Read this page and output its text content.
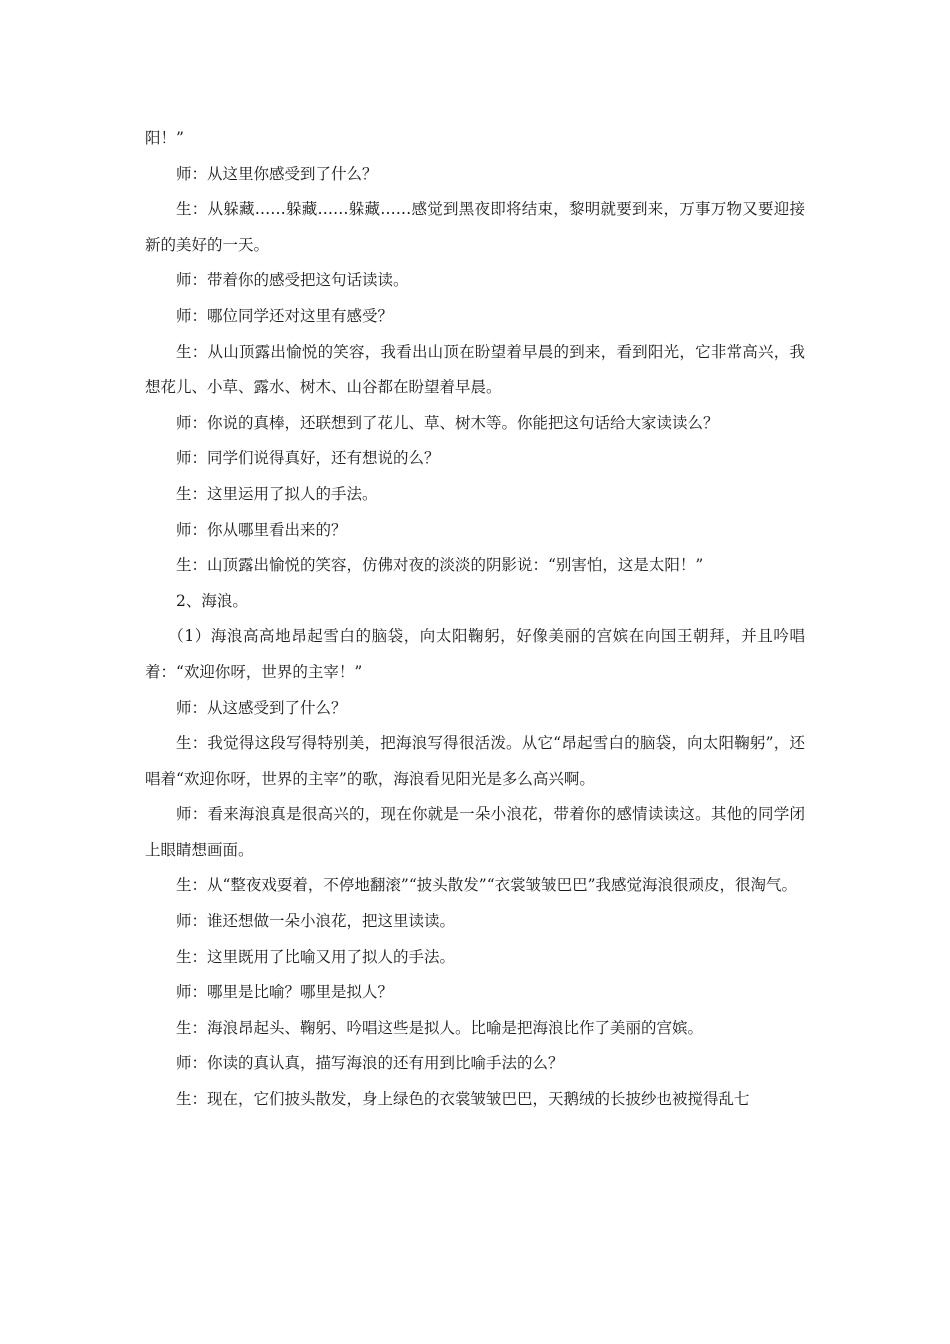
阳！”

师：从这里你感受到了什么？

生：从躲藏……躲藏……躲藏……感觉到黑夜即将结束，黎明就要到来，万事万物又要迎接新的美好的一天。

师：带着你的感受把这句话读读。

师：哪位同学还对这里有感受？

生：从山顶露出愉悦的笑容，我看出山顶在盼望着早晨的到来，看到阳光，它非常高兴，我想花儿、小草、露水、树木、山谷都在盼望着早晨。

师：你说的真棒，还联想到了花儿、草、树木等。你能把这句话给大家读读么？

师：同学们说得真好，还有想说的么？

生：这里运用了拟人的手法。

师：你从哪里看出来的？

生：山顶露出愉悦的笑容，仿佛对夜的淡淡的阴影说：“别害怕，这是太阳！”

2、海浪。

（1）海浪高高地昂起雪白的脑袋，向太阳鞠躬，好像美丽的宫嫔在向国王朝拜，并且吟唱着：“欢迎你呀，世界的主宰！”

师：从这感受到了什么？

生：我觉得这段写得特别美，把海浪写得很活泼。从它“昂起雪白的脑袋，向太阳鞠躬”，还唱着“欢迎你呀，世界的主宰”的歌，海浪看见阳光是多么高兴啊。

师：看来海浪真是很高兴的，现在你就是一朵小浪花，带着你的感情读读这。其他的同学闭上眼睛想画面。

生：从“整夜戏耍着，不停地翻滚”“披头散发”“衣裳皱皱巴巴”我感觉海浪很顽皮，很淘气。

师：谁还想做一朵小浪花，把这里读读。

生：这里既用了比喻又用了拟人的手法。

师：哪里是比喻？哪里是拟人？

生：海浪昂起头、鞠躬、吟唱这些是拟人。比喻是把海浪比作了美丽的宫嫔。

师：你读的真认真，描写海浪的还有用到比喻手法的么？

生：现在，它们披头散发，身上绿色的衣裳皱皱巴巴，天鹅绒的长披纱也被搅得乱七
